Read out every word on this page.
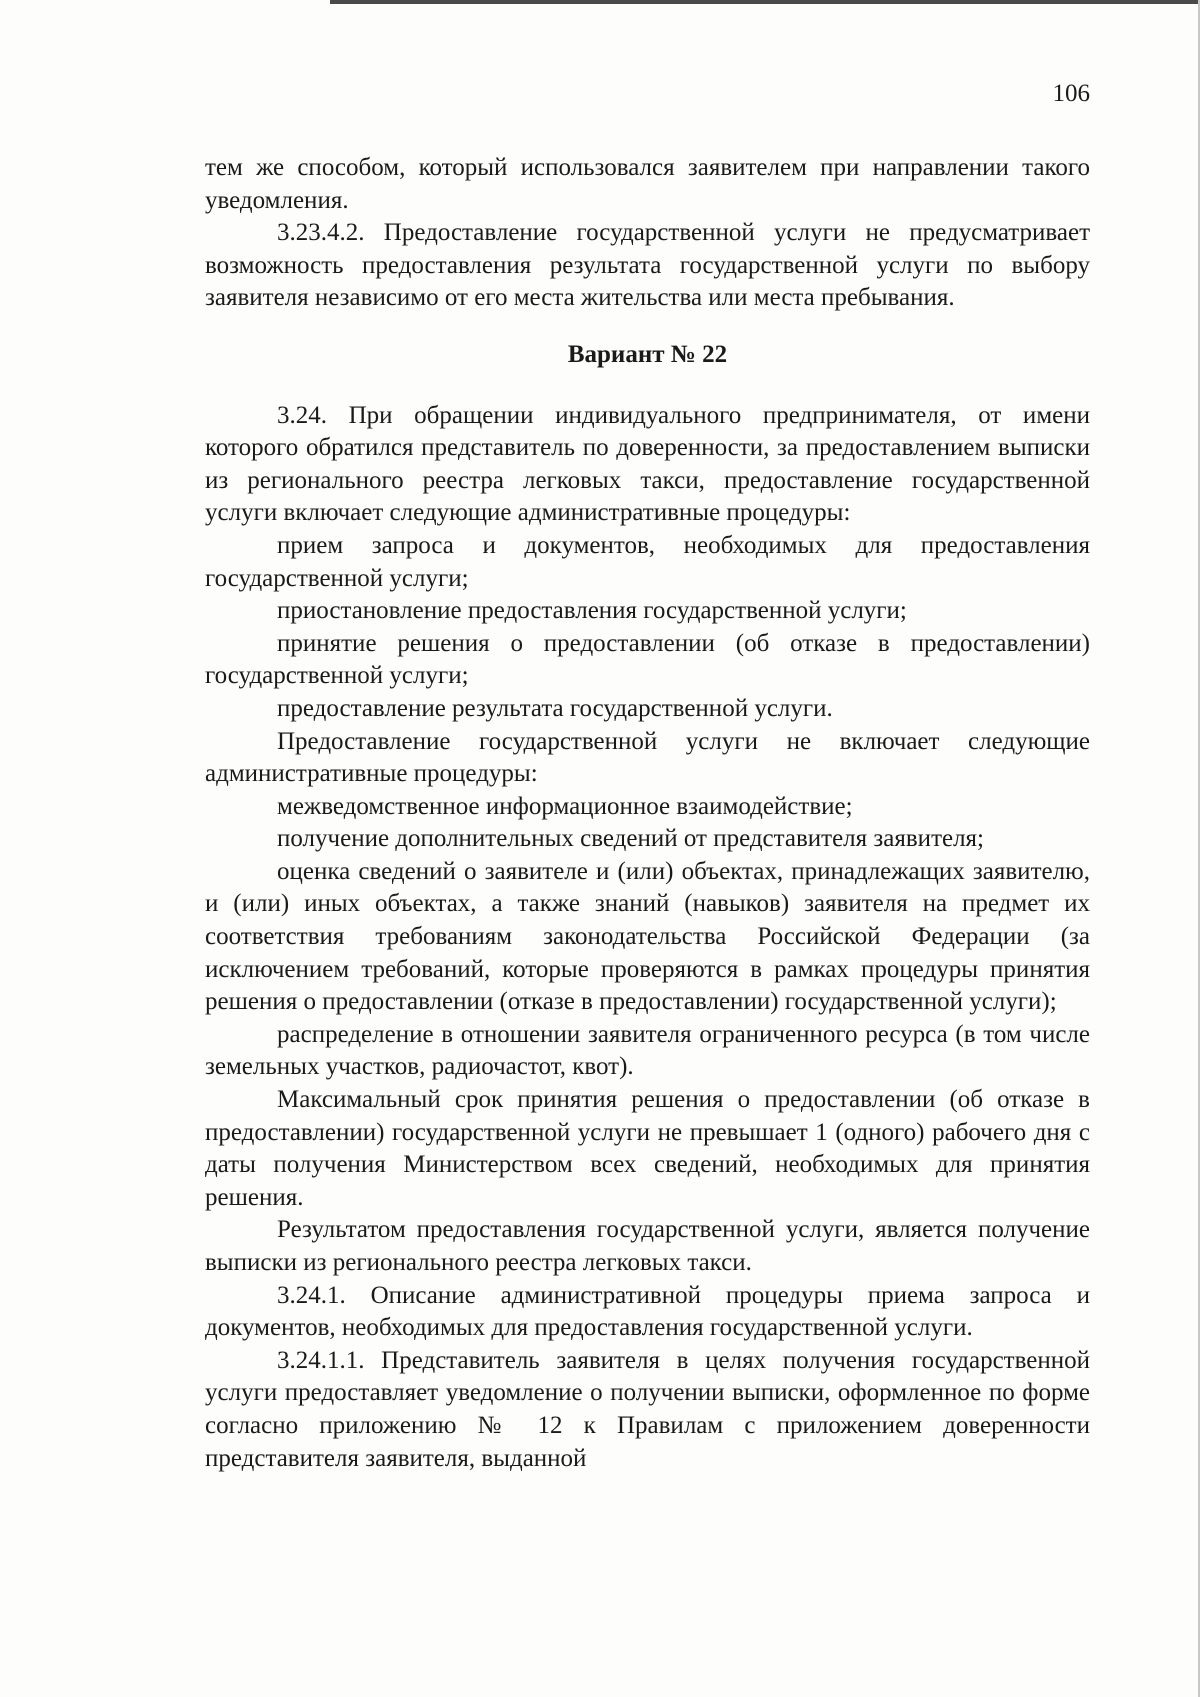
106

тем же способом, который использовался заявителем при направлении такого уведомления.

3.23.4.2. Предоставление государственной услуги не предусматривает возможность предоставления результата государственной услуги по выбору заявителя независимо от его места жительства или места пребывания.

Вариант № 22

3.24. При обращении индивидуального предпринимателя, от имени которого обратился представитель по доверенности, за предоставлением выписки из регионального реестра легковых такси, предоставление государственной услуги включает следующие административные процедуры:

прием запроса и документов, необходимых для предоставления государственной услуги;

приостановление предоставления государственной услуги;

принятие решения о предоставлении (об отказе в предоставлении) государственной услуги;

предоставление результата государственной услуги.

Предоставление государственной услуги не включает следующие административные процедуры:

межведомственное информационное взаимодействие;

получение дополнительных сведений от представителя заявителя;

оценка сведений о заявителе и (или) объектах, принадлежащих заявителю, и (или) иных объектах, а также знаний (навыков) заявителя на предмет их соответствия требованиям законодательства Российской Федерации (за исключением требований, которые проверяются в рамках процедуры принятия решения о предоставлении (отказе в предоставлении) государственной услуги);

распределение в отношении заявителя ограниченного ресурса (в том числе земельных участков, радиочастот, квот).

Максимальный срок принятия решения о предоставлении (об отказе в предоставлении) государственной услуги не превышает 1 (одного) рабочего дня с даты получения Министерством всех сведений, необходимых для принятия решения.

Результатом предоставления государственной услуги, является получение выписки из регионального реестра легковых такси.

3.24.1. Описание административной процедуры приема запроса и документов, необходимых для предоставления государственной услуги.

3.24.1.1. Представитель заявителя в целях получения государственной услуги предоставляет уведомление о получении выписки, оформленное по форме согласно приложению № 12 к Правилам с приложением доверенности представителя заявителя, выданной
